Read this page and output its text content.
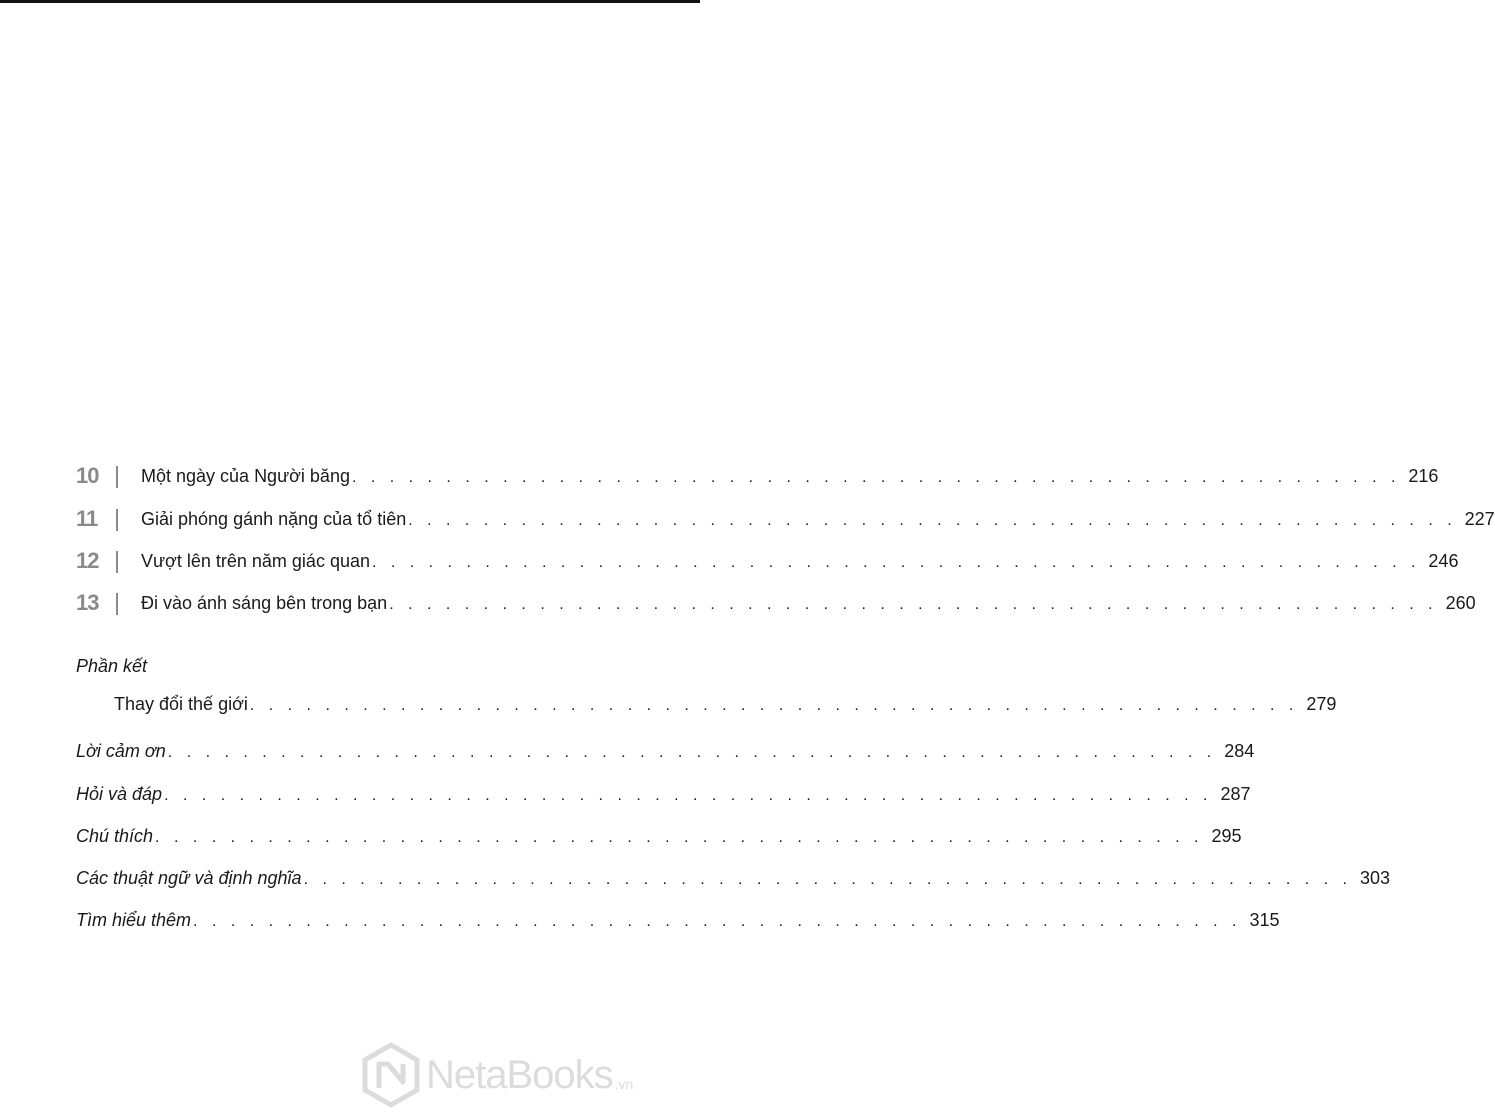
10 Một ngày của Người băng . . . . . . . . . . . . . . . . . . . . . . . . . . . . . . . . . . . . . . . . . . . . . . . . . . . . . . . . 216
11 Giải phóng gánh nặng của tổ tiên . . . . . . . . . . . . . . . . . . . . . . . . . . . . . . . . . . . . . . . . . . . . . . . . . . . . . . . . 227
12 Vượt lên trên năm giác quan . . . . . . . . . . . . . . . . . . . . . . . . . . . . . . . . . . . . . . . . . . . . . . . . . . . . . . . . 246
13 Đi vào ánh sáng bên trong bạn . . . . . . . . . . . . . . . . . . . . . . . . . . . . . . . . . . . . . . . . . . . . . . . . . . . . . . . . 260
Phần kết
Thay đổi thế giới . . . . . . . . . . . . . . . . . . . . . . . . . . . . . . . . . . . . . . . . . . . . . . . . . . . . . . . . 279
Lời cảm ơn . . . . . . . . . . . . . . . . . . . . . . . . . . . . . . . . . . . . . . . . . . . . . . . . . . . . . . . . 284
Hỏi và đáp . . . . . . . . . . . . . . . . . . . . . . . . . . . . . . . . . . . . . . . . . . . . . . . . . . . . . . . . 287
Chú thích . . . . . . . . . . . . . . . . . . . . . . . . . . . . . . . . . . . . . . . . . . . . . . . . . . . . . . . . 295
Các thuật ngữ và định nghĩa . . . . . . . . . . . . . . . . . . . . . . . . . . . . . . . . . . . . . . . . . . . . . . . . . . . . . . . . 303
Tìm hiểu thêm . . . . . . . . . . . . . . . . . . . . . . . . . . . . . . . . . . . . . . . . . . . . . . . . . . . . . . . . 315
NetaBooks .vn
